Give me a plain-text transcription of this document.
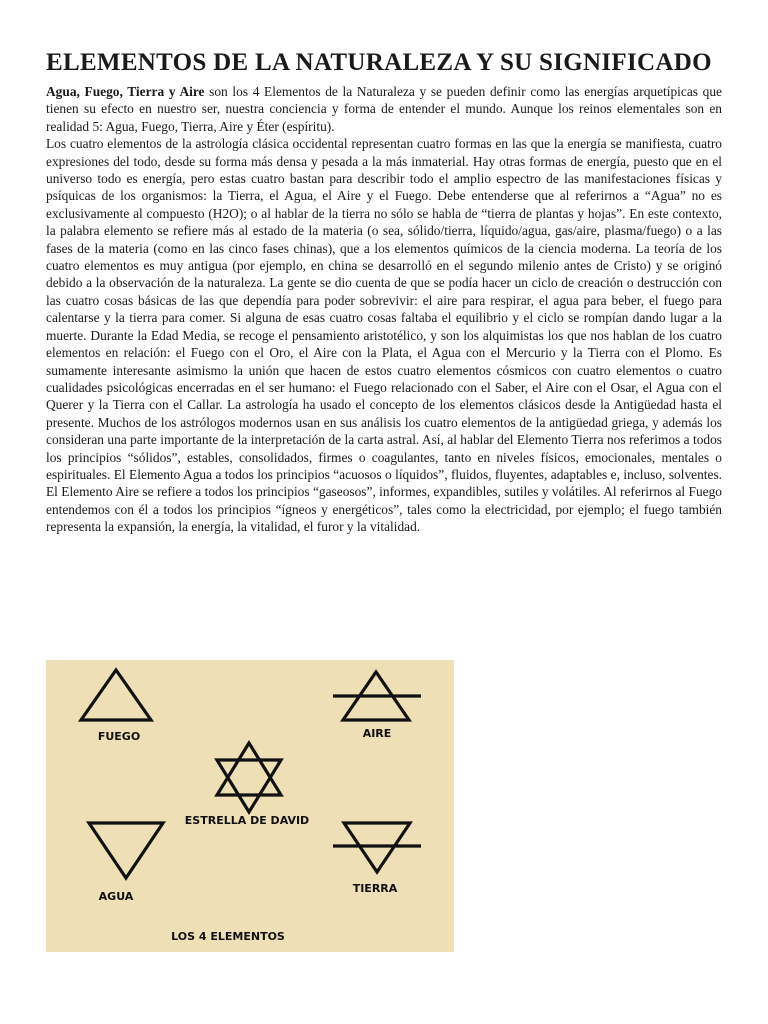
ELEMENTOS DE LA NATURALEZA Y SU SIGNIFICADO

Agua, Fuego, Tierra y Aire son los 4 Elementos de la Naturaleza y se pueden definir como las energías arquetípicas que tienen su efecto en nuestro ser, nuestra conciencia y forma de entender el mundo. Aunque los reinos elementales son en realidad 5: Agua, Fuego, Tierra, Aire y Éter (espíritu).

Los cuatro elementos de la astrología clásica occidental representan cuatro formas en las que la energía se manifiesta, cuatro expresiones del todo, desde su forma más densa y pesada a la más inmaterial. Hay otras formas de energía, puesto que en el universo todo es energía, pero estas cuatro bastan para describir todo el amplio espectro de las manifestaciones físicas y psíquicas de los organismos: la Tierra, el Agua, el Aire y el Fuego. Debe entenderse que al referirnos a “Agua” no es exclusivamente al compuesto (H2O); o al hablar de la tierra no sólo se habla de “tierra de plantas y hojas”. En este contexto, la palabra elemento se refiere más al estado de la materia (o sea, sólido/tierra, líquido/agua, gas/aire, plasma/fuego) o a las fases de la materia (como en las cinco fases chinas), que a los elementos químicos de la ciencia moderna. La teoría de los cuatro elementos es muy antigua (por ejemplo, en china se desarrolló en el segundo milenio antes de Cristo) y se originó debido a la observación de la naturaleza. La gente se dio cuenta de que se podía hacer un ciclo de creación o destrucción con las cuatro cosas básicas de las que dependía para poder sobrevivir: el aire para respirar, el agua para beber, el fuego para calentarse y la tierra para comer. Si alguna de esas cuatro cosas faltaba el equilibrio y el ciclo se rompían dando lugar a la muerte. Durante la Edad Media, se recoge el pensamiento aristotélico, y son los alquimistas los que nos hablan de los cuatro elementos en relación: el Fuego con el Oro, el Aire con la Plata, el Agua con el Mercurio y la Tierra con el Plomo. Es sumamente interesante asimismo la unión que hacen de estos cuatro elementos cósmicos con cuatro elementos o cuatro cualidades psicológicas encerradas en el ser humano: el Fuego relacionado con el Saber, el Aire con el Osar, el Agua con el Querer y la Tierra con el Callar. La astrología ha usado el concepto de los elementos clásicos desde la Antigüedad hasta el presente. Muchos de los astrólogos modernos usan en sus análisis los cuatro elementos de la antigüedad griega, y además los consideran una parte importante de la interpretación de la carta astral. Así, al hablar del Elemento Tierra nos referimos a todos los principios “sólidos”, estables, consolidados, firmes o coagulantes, tanto en niveles físicos, emocionales, mentales o espirituales. El Elemento Agua a todos los principios “acuosos o líquidos”, fluidos, fluyentes, adaptables e, incluso, solventes. El Elemento Aire se refiere a todos los principios “gaseosos”, informes, expandibles, sutiles y volátiles. Al referirnos al Fuego entendemos con él a todos los principios “ígneos y energéticos”, tales como la electricidad, por ejemplo; el fuego también representa la expansión, la energía, la vitalidad, el furor y la vitalidad.

FUEGO	AIRE
ESTRELLA DE DAVID
AGUA
TIERRA
LOS 4 ELEMENTOS
